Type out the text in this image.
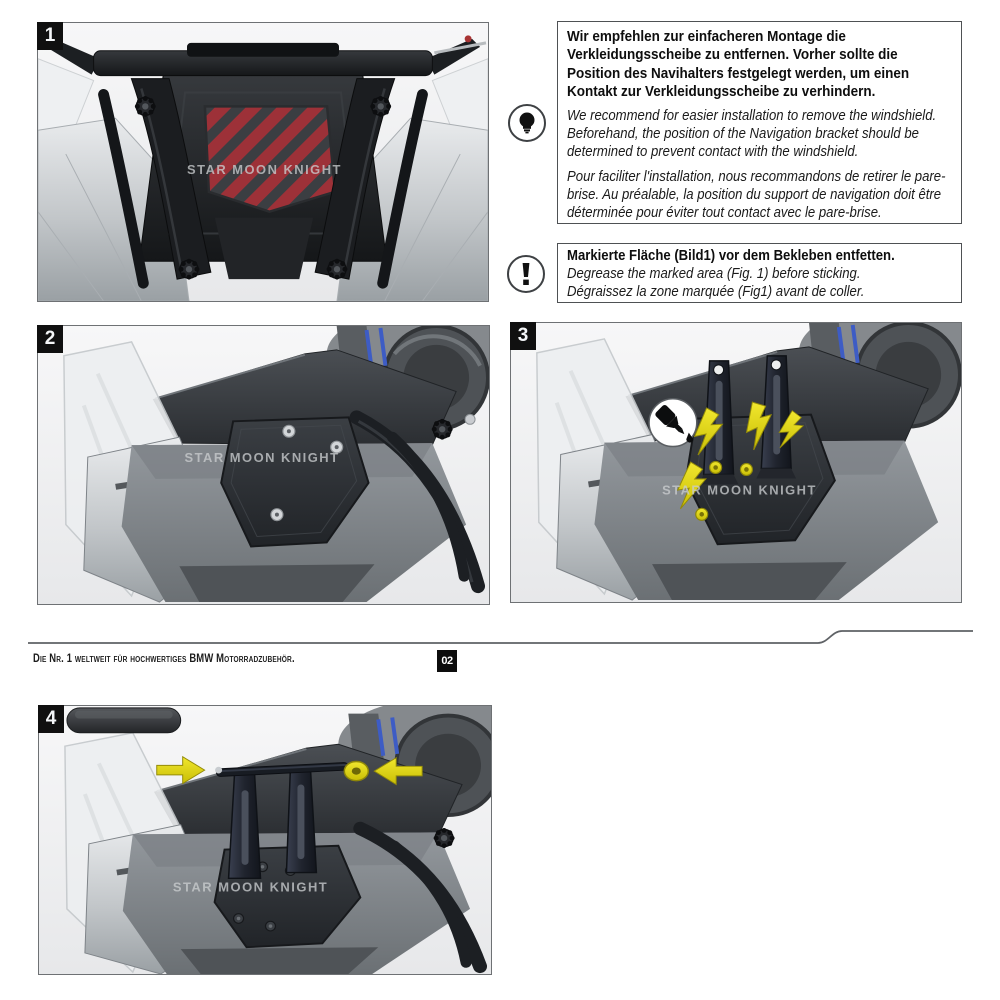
1
STAR MOON KNIGHT

Wir empfehlen zur einfacheren Montage die Verkleidungsscheibe zu entfernen. Vorher sollte die Position des Navihalters festgelegt werden, um einen Kontakt zur Verkleidungsscheibe zu verhindern.

We recommend for easier installation to remove the windshield. Beforehand, the position of the Navigation bracket should be determined to prevent contact with the windshield.

Pour faciliter l'installation, nous recommandons de retirer le pare-brise. Au préalable, la position du support de navigation doit être déterminée pour éviter tout contact avec le pare-brise.

Markierte Fläche (Bild1) vor dem Bekleben entfetten.

Degrease the marked area (Fig. 1) before sticking.

Dégraissez la zone marquée (Fig1) avant de coller.

2
STAR MOON KNIGHT
3
STAR MOON KNIGHT
Die Nr. 1 weltweit für hochwertiges BMW Motorradzubehör.	02
4
STAR MOON KNIGHT
